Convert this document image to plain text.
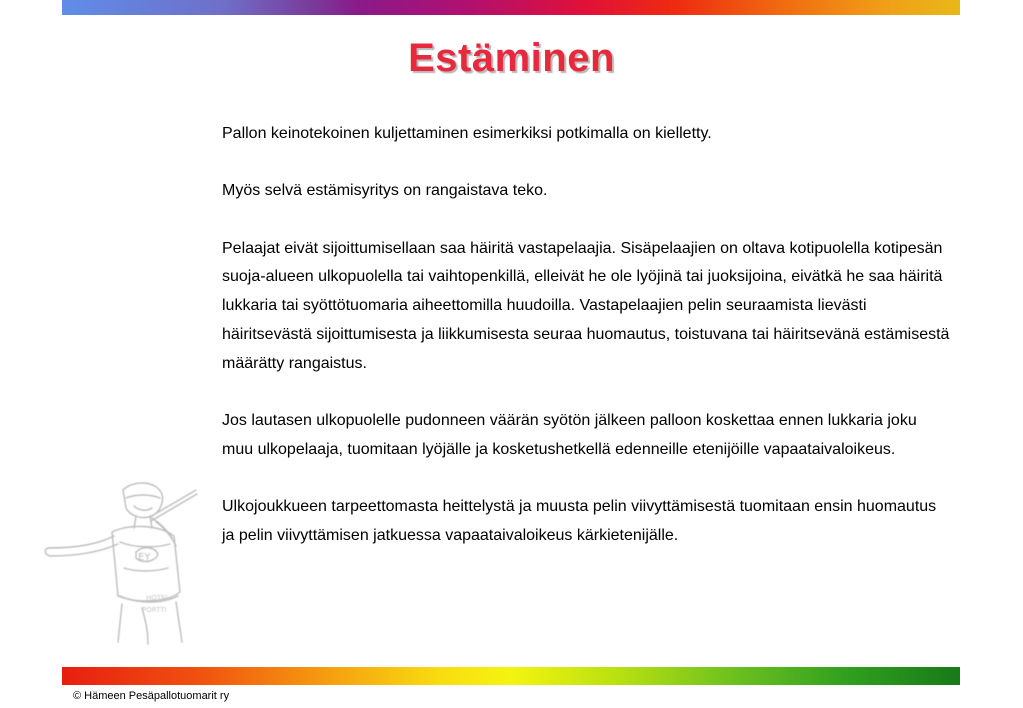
Estäminen

Pallon keinotekoinen kuljettaminen esimerkiksi potkimalla on kielletty.

Myös selvä estämisyritys on rangaistava teko.

Pelaajat eivät sijoittumisellaan saa häiritä vastapelaajia. Sisäpelaajien on oltava kotipuolella kotipesän suoja-alueen ulkopuolella tai vaihtopenkillä, elleivät he ole lyöjinä tai juoksijoina, eivätkä he saa häiritä lukkaria tai syöttötuomaria aiheettomilla huudoilla. Vastapelaajien pelin seuraamista lievästi häiritsevästä sijoittumisesta ja liikkumisesta seuraa huomautus, toistuvana tai häiritsevänä estämisestä määrätty rangaistus.

Jos lautasen ulkopuolelle pudonneen väärän syötön jälkeen palloon koskettaa ennen lukkaria joku muu ulkopelaaja, tuomitaan lyöjälle ja kosketushetkellä edenneille etenijöille vapaataivaloikeus.

Ulkojoukkueen tarpeettomasta heittelystä ja muusta pelin viivyttämisestä tuomitaan ensin huomautus ja pelin viivyttämisen jatkuessa vapaataivaloikeus kärkietenijälle.

EY
HOTEL
PORTTI
© Hämeen Pesäpallotuomarit ry
